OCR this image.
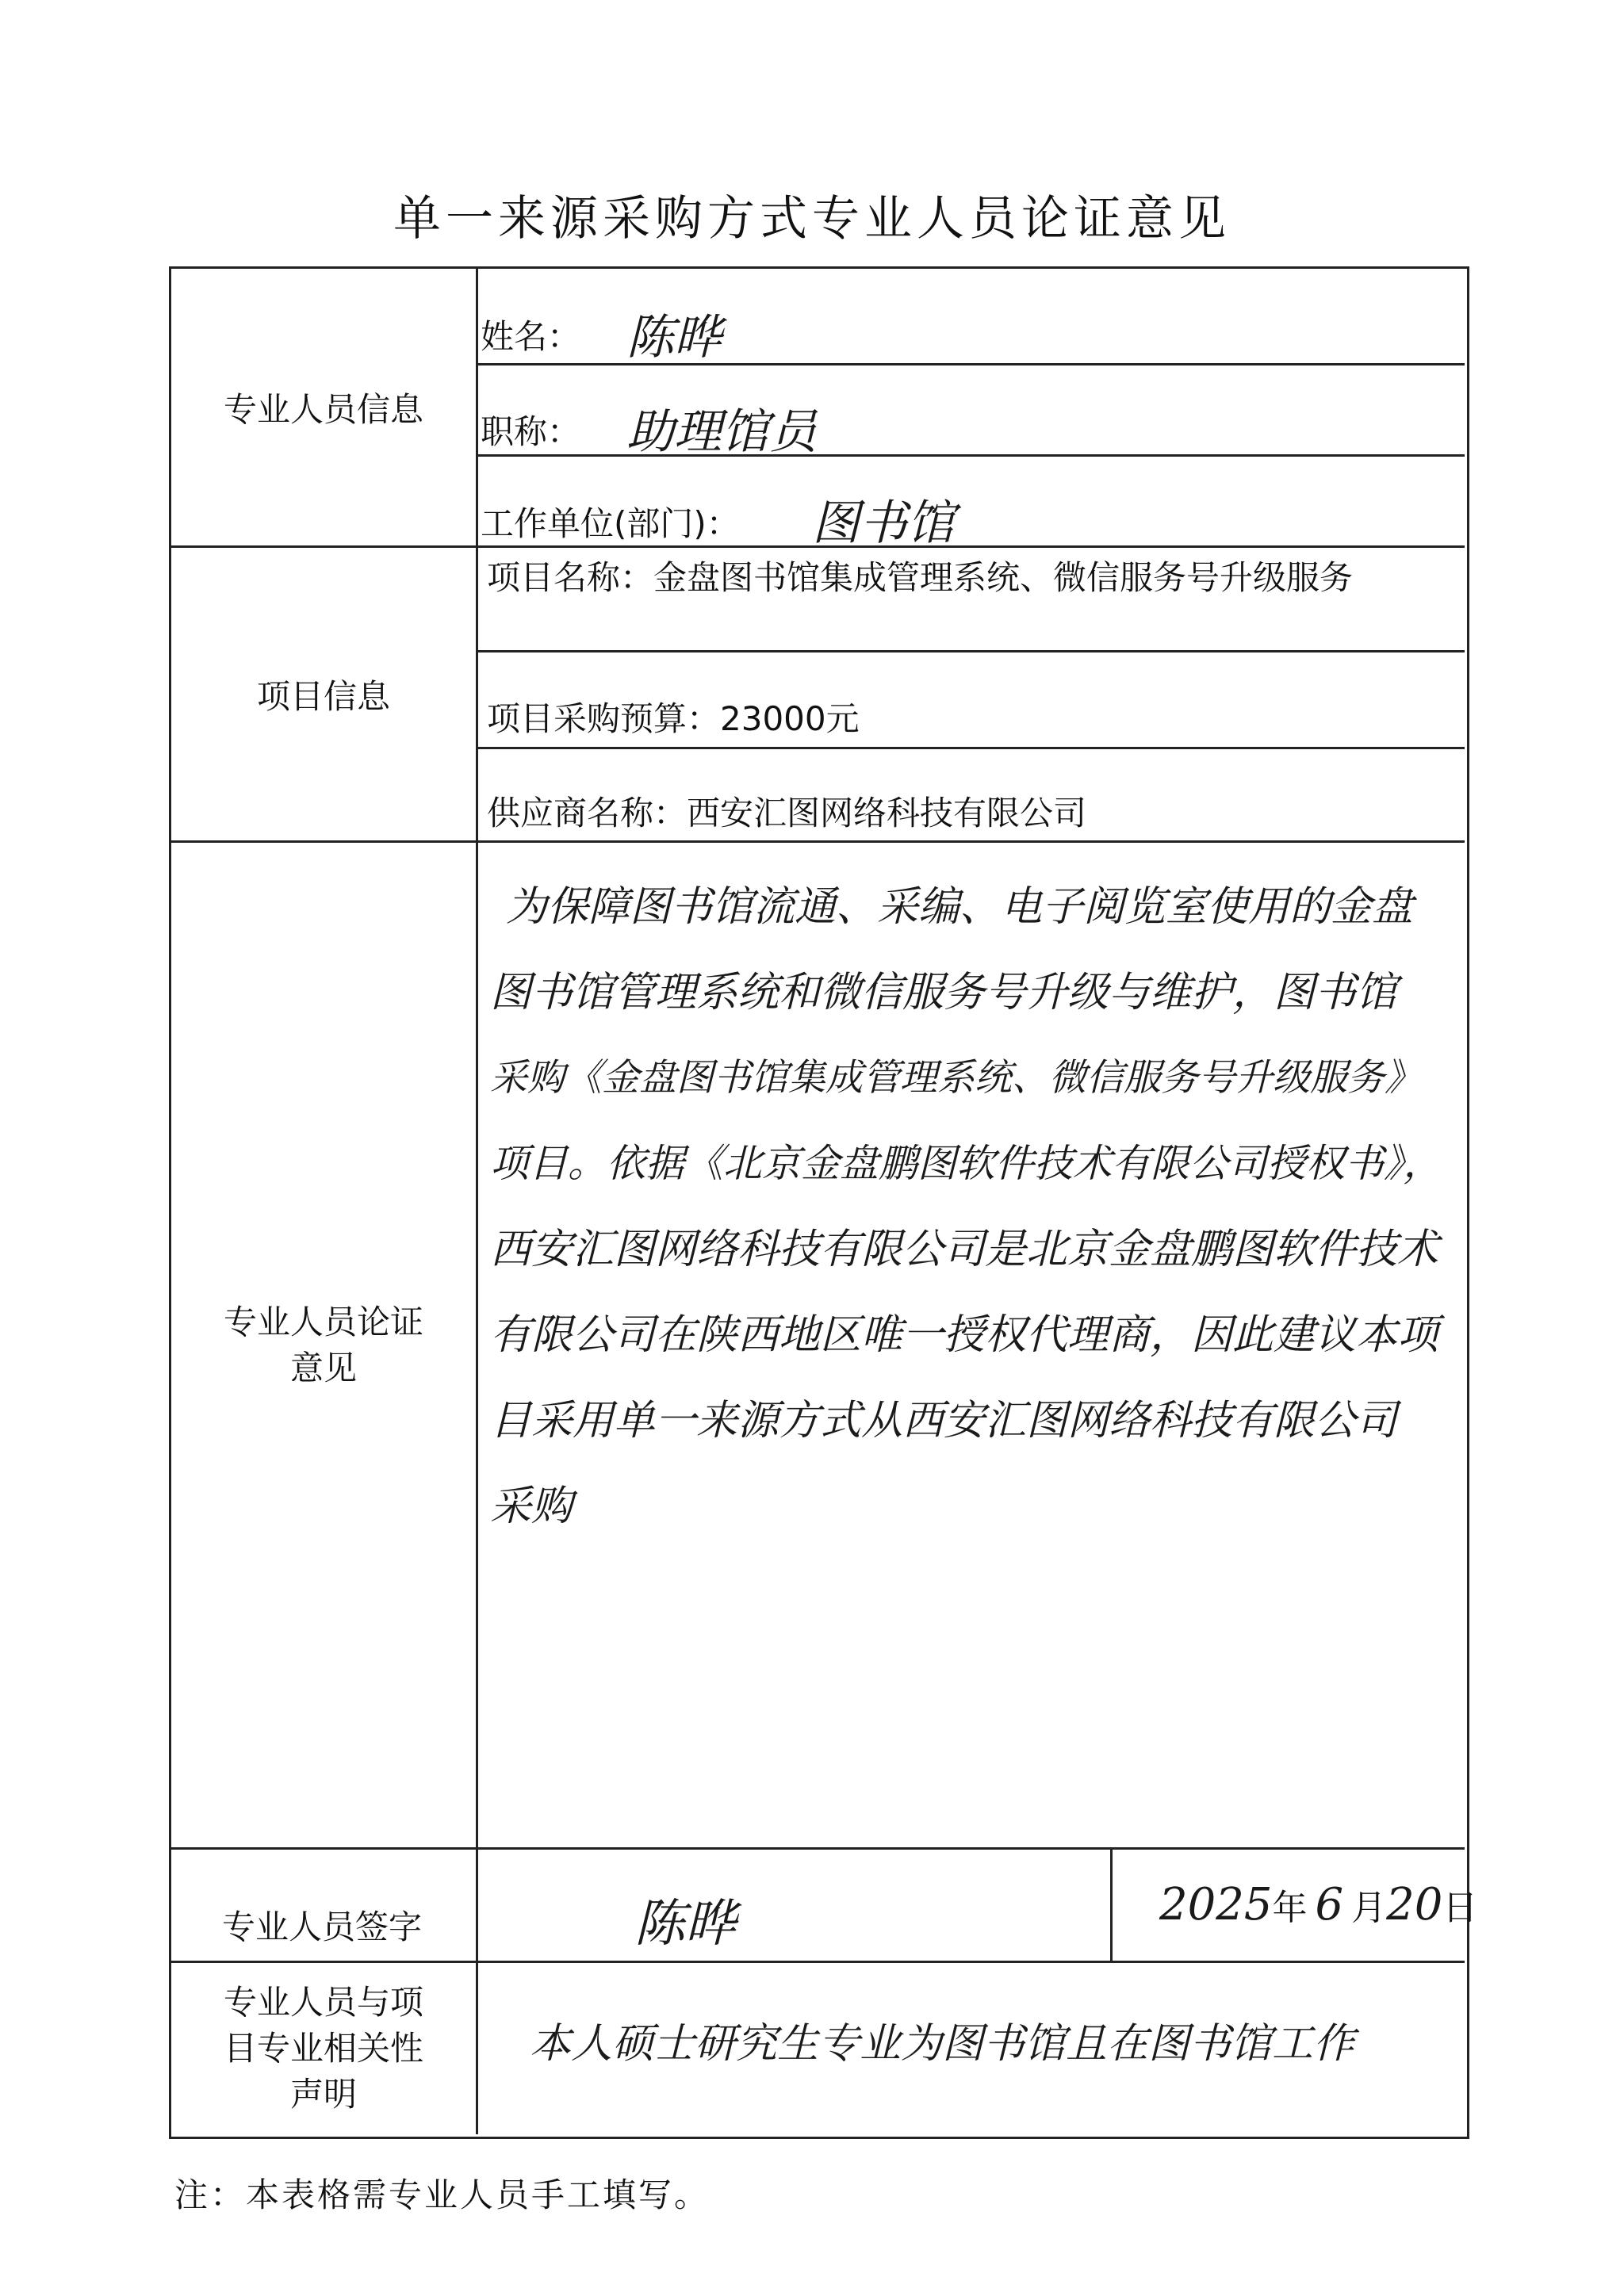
单一来源采购方式专业人员论证意见
专业人员信息
姓名： 陈晔
职称： 助理馆员
工作单位(部门)： 图书馆
项目信息
项目名称：金盘图书馆集成管理系统、微信服务号升级服务
项目采购预算：23000元
供应商名称：西安汇图网络科技有限公司
专业人员论证
意见
为保障图书馆流通、采编、电子阅览室使用的金盘
图书馆管理系统和微信服务号升级与维护，图书馆
采购《金盘图书馆集成管理系统、微信服务号升级服务》
项目。依据《北京金盘鹏图软件技术有限公司授权书》，
西安汇图网络科技有限公司是北京金盘鹏图软件技术
有限公司在陕西地区唯一授权代理商，因此建议本项
目采用单一来源方式从西安汇图网络科技有限公司
采购
专业人员签字	陈晔	2025年 6 月20日
专业人员与项
目专业相关性
声明
本人硕士研究生专业为图书馆且在图书馆工作
注：本表格需专业人员手工填写。
